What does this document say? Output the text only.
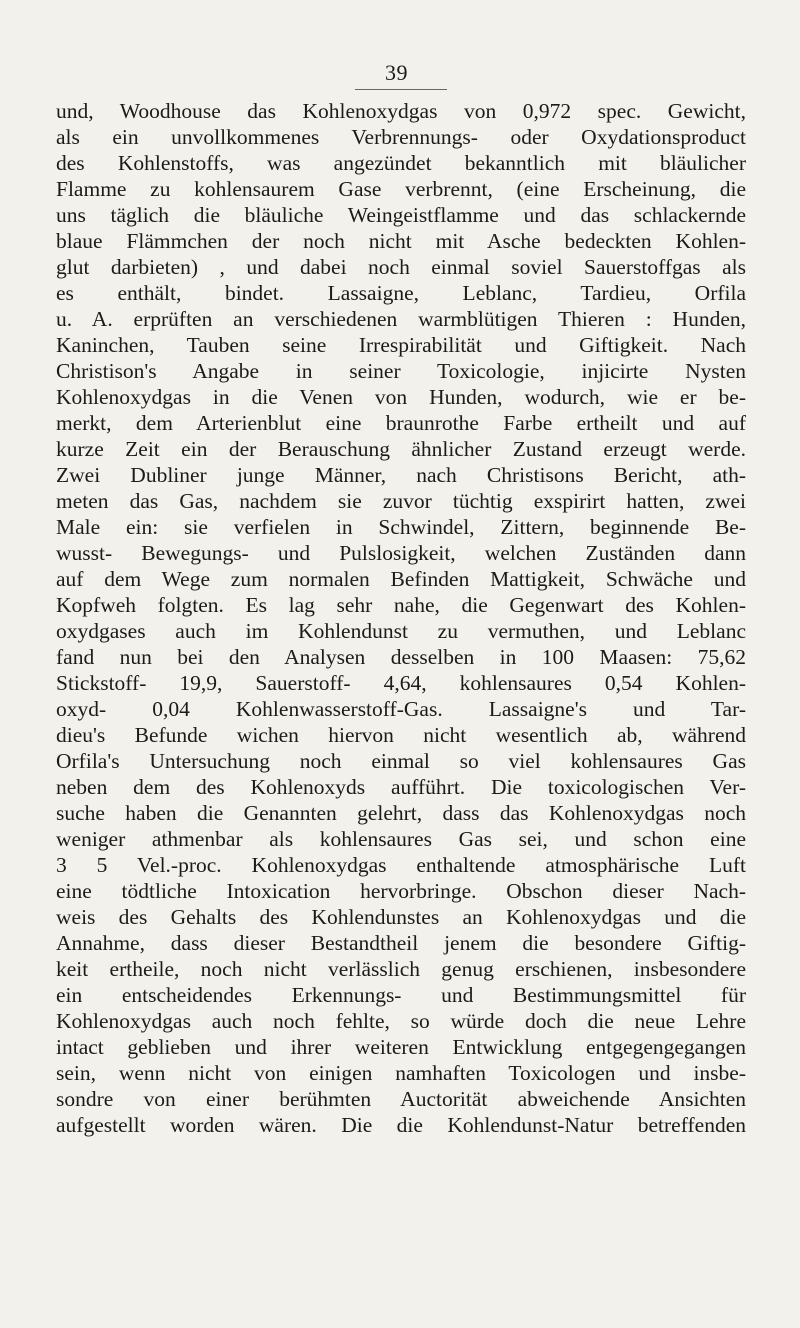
39
und, Woodhouse das Kohlenoxydgas von 0,972 spec. Gewicht,
als ein unvollkommenes Verbrennungs- oder Oxydationsproduct
des Kohlenstoffs, was angezündet bekanntlich mit bläulicher
Flamme zu kohlensaurem Gase verbrennt, (eine Erscheinung, die
uns täglich die bläuliche Weingeistflamme und das schlackernde
blaue Flämmchen der noch nicht mit Asche bedeckten Kohlen-
glut darbieten) , und dabei noch einmal soviel Sauerstoffgas als
es enthält, bindet. Lassaigne, Leblanc, Tardieu, Orfila
u. A. erprüften an verschiedenen warmblütigen Thieren : Hunden,
Kaninchen, Tauben seine Irrespirabilität und Giftigkeit. Nach
Christison's Angabe in seiner Toxicologie, injicirte Nysten
Kohlenoxydgas in die Venen von Hunden, wodurch, wie er be-
merkt, dem Arterienblut eine braunrothe Farbe ertheilt und auf
kurze Zeit ein der Berauschung ähnlicher Zustand erzeugt werde.
Zwei Dubliner junge Männer, nach Christisons Bericht, ath-
meten das Gas, nachdem sie zuvor tüchtig exspirirt hatten, zwei
Male ein: sie verfielen in Schwindel, Zittern, beginnende Be-
wusst- Bewegungs- und Pulslosigkeit, welchen Zuständen dann
auf dem Wege zum normalen Befinden Mattigkeit, Schwäche und
Kopfweh folgten. Es lag sehr nahe, die Gegenwart des Kohlen-
oxydgases auch im Kohlendunst zu vermuthen, und Leblanc
fand nun bei den Analysen desselben in 100 Maasen: 75,62
Stickstoff- 19,9, Sauerstoff- 4,64, kohlensaures 0,54 Kohlen-
oxyd- 0,04 Kohlenwasserstoff-Gas. Lassaigne's und Tar-
dieu's Befunde wichen hiervon nicht wesentlich ab, während
Orfila's Untersuchung noch einmal so viel kohlensaures Gas
neben dem des Kohlenoxyds aufführt. Die toxicologischen Ver-
suche haben die Genannten gelehrt, dass das Kohlenoxydgas noch
weniger athmenbar als kohlensaures Gas sei, und schon eine
3 5 Vel.-proc. Kohlenoxydgas enthaltende atmosphärische Luft
eine tödtliche Intoxication hervorbringe. Obschon dieser Nach-
weis des Gehalts des Kohlendunstes an Kohlenoxydgas und die
Annahme, dass dieser Bestandtheil jenem die besondere Giftig-
keit ertheile, noch nicht verlässlich genug erschienen, insbesondere
ein entscheidendes Erkennungs- und Bestimmungsmittel für
Kohlenoxydgas auch noch fehlte, so würde doch die neue Lehre
intact geblieben und ihrer weiteren Entwicklung entgegengegangen
sein, wenn nicht von einigen namhaften Toxicologen und insbe-
sondre von einer berühmten Auctorität abweichende Ansichten
aufgestellt worden wären. Die die Kohlendunst-Natur betreffenden
